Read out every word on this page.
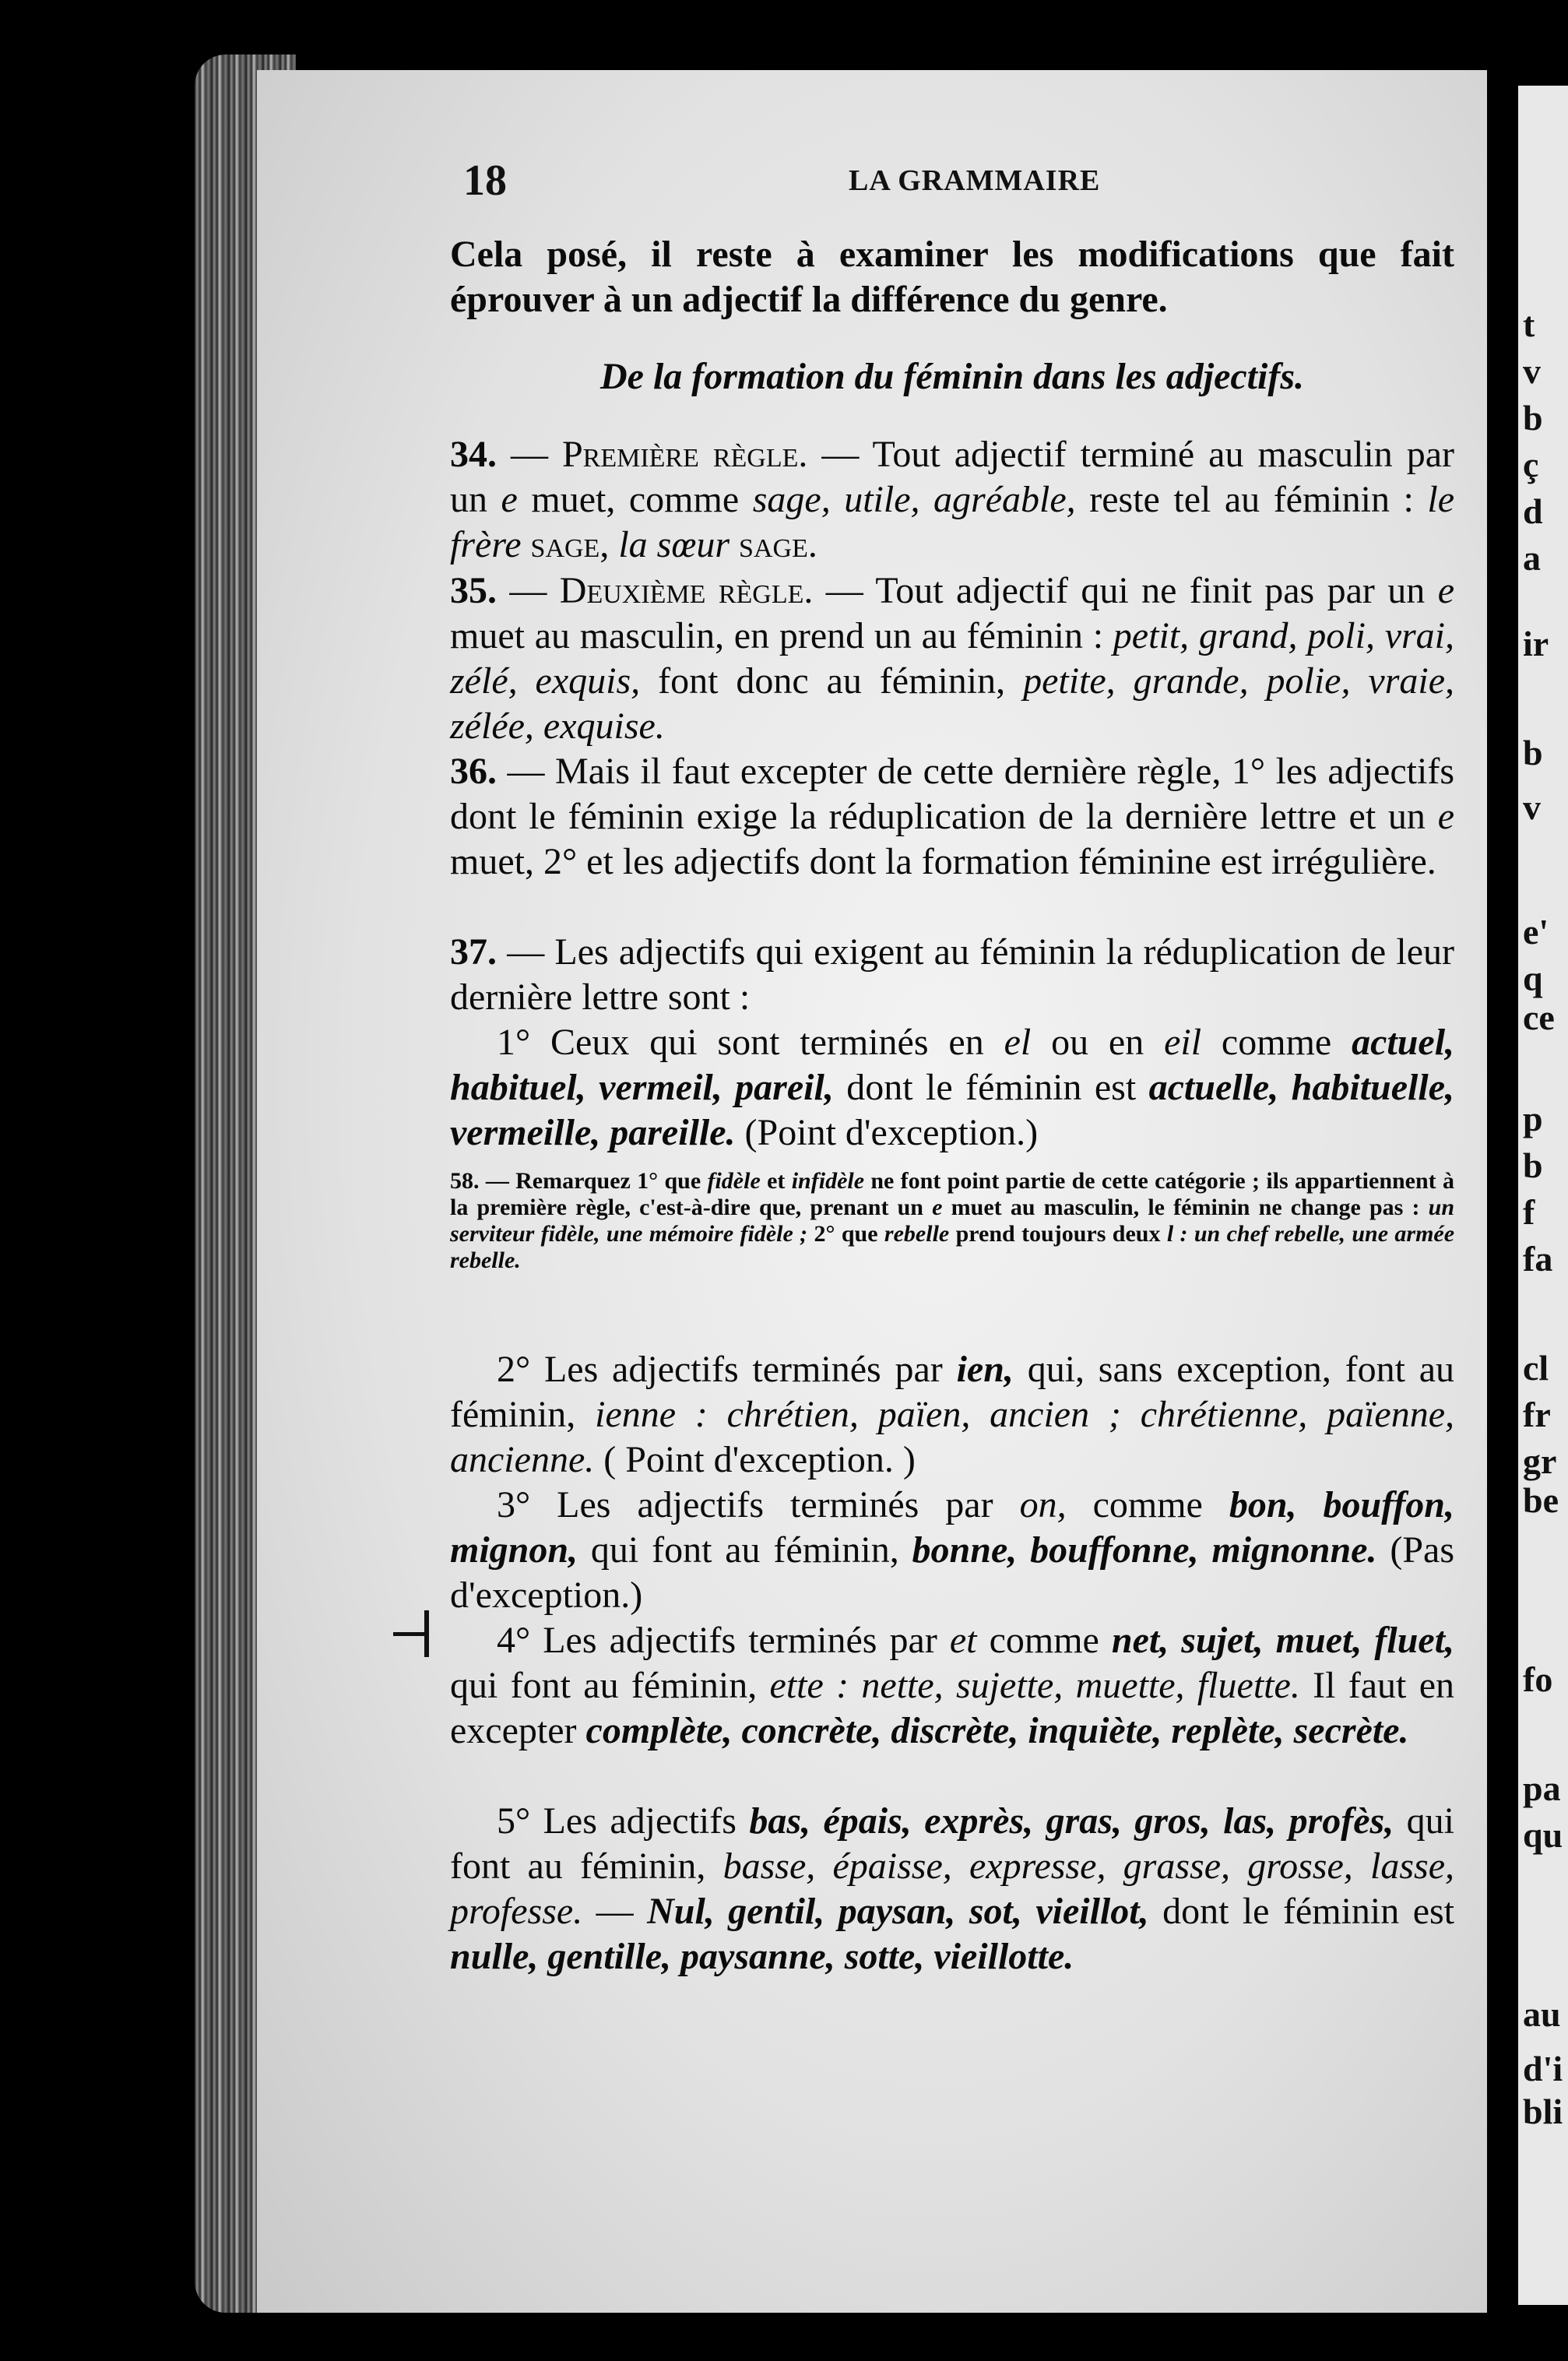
t
v
b
ç
d
a
ir
b
v
e'
q
ce
p
b
f
fa
cl
fr
gr
be
fo
pa
qu
au
d'i
bli
18	LA GRAMMAIRE
Cela posé, il reste à examiner les modifications que fait éprouver à un adjectif la différence du genre.
De la formation du féminin dans les adjectifs.
34. — Première règle. — Tout adjectif terminé au masculin par un e muet, comme sage, utile, agréable, reste tel au féminin : le frère sage, la sœur sage.
35. — Deuxième règle. — Tout adjectif qui ne finit pas par un e muet au masculin, en prend un au féminin : petit, grand, poli, vrai, zélé, exquis, font donc au féminin, petite, grande, polie, vraie, zélée, exquise.
36. — Mais il faut excepter de cette dernière règle, 1° les adjectifs dont le féminin exige la réduplication de la dernière lettre et un e muet, 2° et les adjectifs dont la formation féminine est irrégulière.
37. — Les adjectifs qui exigent au féminin la réduplication de leur dernière lettre sont :
1° Ceux qui sont terminés en el ou en eil comme actuel, habituel, vermeil, pareil, dont le féminin est actuelle, habituelle, vermeille, pareille. (Point d'exception.)
58. — Remarquez 1° que fidèle et infidèle ne font point partie de cette catégorie ; ils appartiennent à la première règle, c'est-à-dire que, prenant un e muet au masculin, le féminin ne change pas : un serviteur fidèle, une mémoire fidèle ; 2° que rebelle prend toujours deux l : un chef rebelle, une armée rebelle.
2° Les adjectifs terminés par ien, qui, sans exception, font au féminin, ienne : chrétien, païen, ancien ; chrétienne, païenne, ancienne. ( Point d'exception. )
3° Les adjectifs terminés par on, comme bon, bouffon, mignon, qui font au féminin, bonne, bouffonne, mignonne. (Pas d'exception.)
4° Les adjectifs terminés par et comme net, sujet, muet, fluet, qui font au féminin, ette : nette, sujette, muette, fluette. Il faut en excepter complète, concrète, discrète, inquiète, replète, secrète.
5° Les adjectifs bas, épais, exprès, gras, gros, las, profès, qui font au féminin, basse, épaisse, expresse, grasse, grosse, lasse, professe. — Nul, gentil, paysan, sot, vieillot, dont le féminin est nulle, gentille, paysanne, sotte, vieillotte.
